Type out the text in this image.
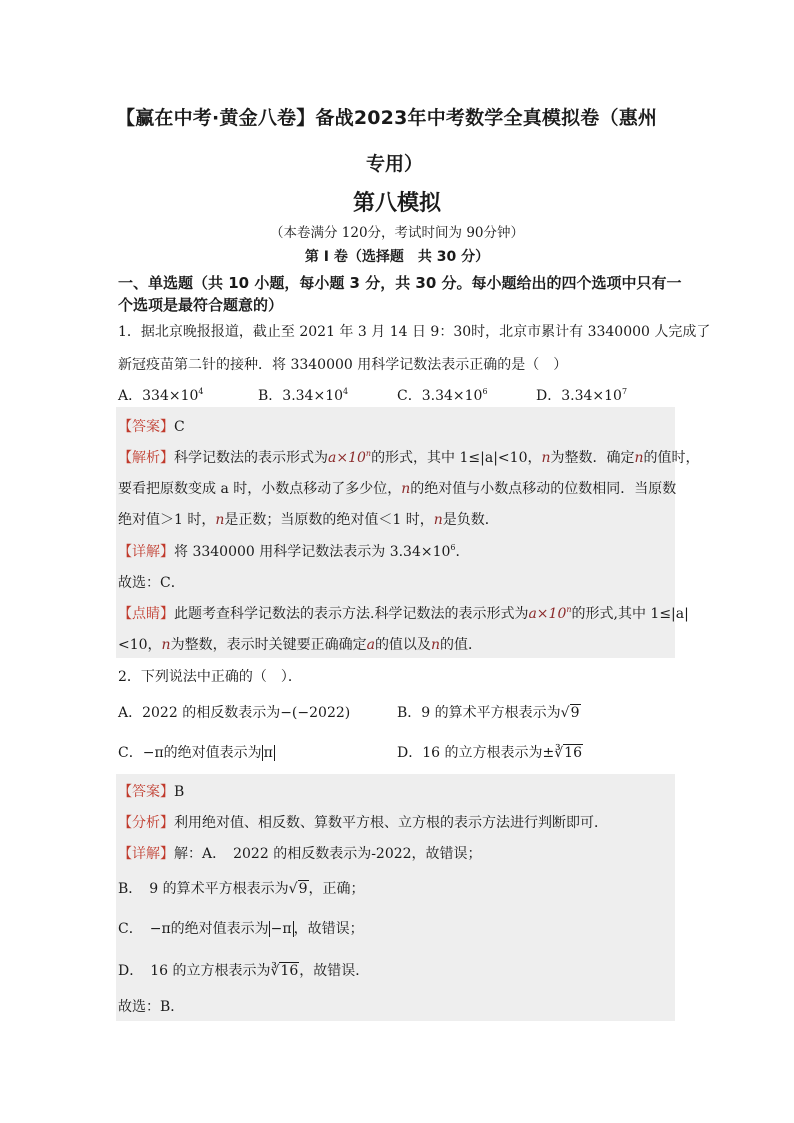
【赢在中考·黄金八卷】备战2023年中考数学全真模拟卷（惠州
专用）
第八模拟
（本卷满分 120分，考试时间为 90分钟）
第 I 卷（选择题　共 30 分）
一、单选题（共 10 小题，每小题 3 分，共 30 分。每小题给出的四个选项中只有一个选项是最符合题意的）
1．据北京晚报报道，截止至 2021 年 3 月 14 日 9：30时，北京市累计有 3340000 人完成了
新冠疫苗第二针的接种．将 3340000 用科学记数法表示正确的是（　）
A．$334\times 10^4$	B．$3.34\times 10^4$	C．$3.34\times 10^6$	D．$3.34\times 10^7$
【答案】C
【解析】科学记数法的表示形式为$a\times 10^n$的形式，其中 1≤|a|<10，n为整数．确定n的值时，
要看把原数变成 a 时，小数点移动了多少位，n的绝对值与小数点移动的位数相同．当原数
绝对值＞1 时，n是正数；当原数的绝对值＜1 时，n是负数．
【详解】将 3340000 用科学记数法表示为 $3.34\times 10^6$．
故选：C．
【点睛】此题考查科学记数法的表示方法.科学记数法的表示形式为$a\times 10^n$的形式,其中 1≤|a|
<10，n为整数，表示时关键要正确确定a的值以及n的值．
2．下列说法中正确的（　）．
A．2022 的相反数表示为−(−2022)	B．9 的算术平方根表示为√9
C．−π的绝对值表示为 π	D．16 的立方根表示为±∛16
【答案】B
【分析】利用绝对值、相反数、算数平方根、立方根的表示方法进行判断即可．
【详解】解：A．　2022 的相反数表示为-2022，故错误；
B．　9 的算术平方根表示为√9，正确；
C．　−π的绝对值表示为 −π ，故错误；
D．　16 的立方根表示为∛16，故错误．
故选：B．
